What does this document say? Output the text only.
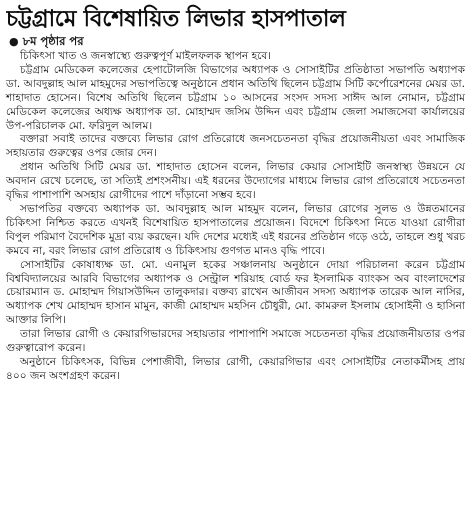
চট্টগ্রামে বিশেষায়িত লিভার হাসপাতাল
● ৮ম পৃষ্ঠার পর

চিকিৎসা খাত ও জনস্বাস্থ্যে গুরুত্বপূর্ণ মাইলফলক স্থাপন হবে।

চট্টগ্রাম মেডিকেল কলেজের হেপাটোলজি বিভাগের অধ্যাপক ও সোসাইটির প্রতিষ্ঠাতা সভাপতি অধ্যাপক ডা. আবদুল্লাহ আল মাহমুদের সভাপতিত্বে অনুষ্ঠানে প্রধান অতিথি ছিলেন চট্টগ্রাম সিটি কর্পোরেশনের মেয়র ডা. শাহাদাত হোসেন। বিশেষ অতিথি ছিলেন চট্টগ্রাম ১০ আসনের সংসদ সদস্য সাঈদ আল নোমান, চট্টগ্রাম মেডিকেল কলেজের অধ্যক্ষ অধ্যাপক ডা. মোহাম্মদ জসিম উদ্দিন এবং চট্টগ্রাম জেলা সমাজসেবা কার্যালয়ের উপ-পরিচালক মো. ফরিদুল আলম।

বক্তারা সবাই তাদের বক্তব্যে লিভার রোগ প্রতিরোধে জনসচেতনতা বৃদ্ধির প্রয়োজনীয়তা এবং সামাজিক সহায়তার গুরুত্বের ওপর জোর দেন।

প্রধান অতিথি সিটি মেয়র ডা. শাহাদাত হোসেন বলেন, লিভার কেয়ার সোসাইটি জনস্বাস্থ্য উন্নয়নে যে অবদান রেখে চলেছে, তা সত্যিই প্রশংসনীয়। এই ধরনের উদ্যোগের মাধ্যমে লিভার রোগ প্রতিরোধে সচেতনতা বৃদ্ধির পাশাপাশি অসহায় রোগীদের পাশে দাঁড়ানো সম্ভব হবে।

সভাপতির বক্তব্যে অধ্যাপক ডা. আবদুল্লাহ আল মাহমুদ বলেন, লিভার রোগের সুলভ ও উন্নতমানের চিকিৎসা নিশ্চিত করতে এখনই বিশেষায়িত হাসপাতালের প্রয়োজন। বিদেশে চিকিৎসা নিতে যাওয়া রোগীরা বিপুল পরিমাণ বৈদেশিক মুদ্রা ব্যয় করছেন। যদি দেশের মধ্যেই এই ধরনের প্রতিষ্ঠান গড়ে ওঠে, তাহলে শুধু খরচ কমবে না, বরং লিভার রোগ প্রতিরোধ ও চিকিৎসায় গুণগত মানও বৃদ্ধি পাবে।

সোসাইটির কোষাধ্যক্ষ ডা. মো. এনামুল হকের সঞ্চালনায় অনুষ্ঠানে দোয়া পরিচালনা করেন চট্টগ্রাম বিশ্ববিদ্যালয়ের আরবি বিভাগের অধ্যাপক ও সেন্ট্রাল শরিয়াহ বোর্ড ফর ইসলামিক ব্যাংকস অব বাংলাদেশের চেয়ারম্যান ড. মোহাম্মদ গিয়াসউদ্দিন তালুকদার। বক্তব্য রাখেন আজীবন সদস্য অধ্যাপক তারেক আল নাসির, অধ্যাপক শেখ মোহাম্মদ হাসান মামুন, কাজী মোহাম্মদ মহসিন চৌধুরী, মো. কামরুল ইসলাম হোসাইনী ও হাসিনা আক্তার লিপি।

তারা লিভার রোগী ও কেয়ারগিভারদের সহায়তার পাশাপাশি সমাজে সচেতনতা বৃদ্ধির প্রয়োজনীয়তার ওপর গুরুত্বারোপ করেন।

অনুষ্ঠানে চিকিৎসক, বিভিন্ন পেশাজীবী, লিভার রোগী, কেয়ারগিভার এবং সোসাইটির নেতাকর্মীসহ প্রায় ৪০০ জন অংশগ্রহণ করেন।
